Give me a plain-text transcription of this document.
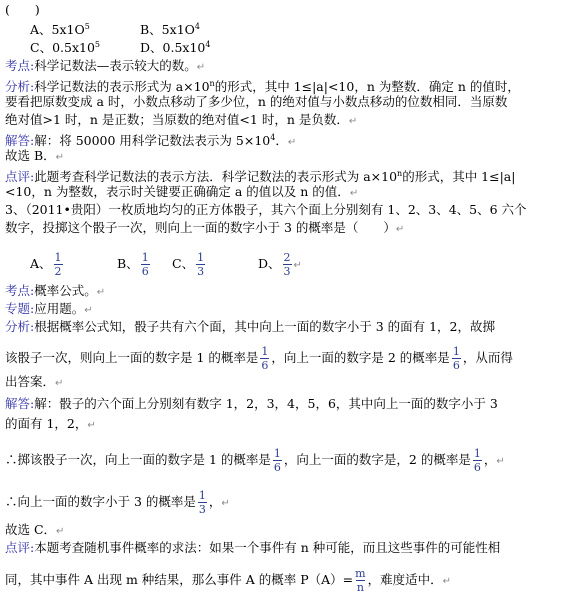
(　　)
A、$5x1O^5$	B、$5x1O^4$
C、$0.5x10^5$	D、$0.5x10^4$
考点:科学记数法—表示较大的数。↵
分析:科学记数法的表示形式为 $a\times 10^n$的形式，其中 1≤|a|<10，n 为整数．确定 n 的值时，
要看把原数变成 a 时，小数点移动了多少位，n 的绝对值与小数点移动的位数相同．当原数
绝对值>1 时，n 是正数；当原数的绝对值<1 时，n 是负数．↵
解答:解：将 50000 用科学记数法表示为 $5\times 10^4$．↵
故选 B．↵
点评:此题考查科学记数法的表示方法．科学记数法的表示形式为 $a\times 10^n$的形式，其中 1≤|a|
<10，n 为整数，表示时关键要正确确定 a 的值以及 n 的值．↵
3、（2011•贵阳）一枚质地均匀的正方体骰子，其六个面上分别刻有 1、2、3、4、5、6 六个
数字，投掷这个骰子一次，则向上一面的数字小于 3 的概率是（　　）↵
A、 $\frac{1}{2}$	B、 $\frac{1}{6}$ C、 $\frac{1}{3}$	D、 $\frac{2}{3}$ ↵
考点:概率公式。↵
专题:应用题。↵
分析:根据概率公式知，骰子共有六个面，其中向上一面的数字小于 3 的面有 1，2，故掷
该骰子一次，则向上一面的数字是 1 的概率是 $\frac{1}{6}$ ，向上一面的数字是 2 的概率是 $\frac{1}{6}$ ，从而得
出答案．↵
解答:解：骰子的六个面上分别刻有数字 1，2，3，4，5，6，其中向上一面的数字小于 3
的面有 1，2，↵
∴掷该骰子一次，向上一面的数字是 1 的概率是 $\frac{1}{6}$ ，向上一面的数字是，2 的概率是 $\frac{1}{6}$ ，↵
∴向上一面的数字小于 3 的概率是 $\frac{1}{3}$ ，↵
故选 C．↵
点评:本题考查随机事件概率的求法：如果一个事件有 n 种可能，而且这些事件的可能性相
同，其中事件 A 出现 m 种结果，那么事件 A 的概率 $P(A)= \frac{m}{n}$ ，难度适中．↵
